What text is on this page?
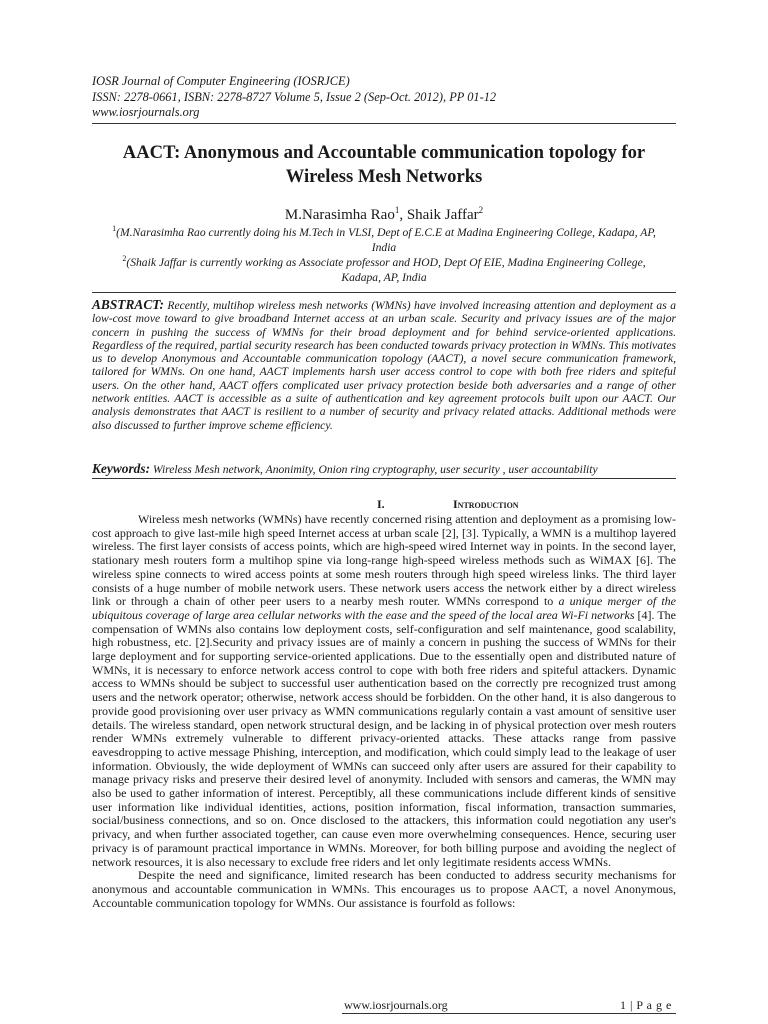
IOSR Journal of Computer Engineering (IOSRJCE)
ISSN: 2278-0661, ISBN: 2278-8727 Volume 5, Issue 2 (Sep-Oct. 2012), PP 01-12
www.iosrjournals.org
AACT: Anonymous and Accountable communication topology for Wireless Mesh Networks
M.Narasimha Rao$^1$, Shaik Jaffar$^2$
$^1$(M.Narasimha Rao currently doing his M.Tech in VLSI, Dept of E.C.E at Madina Engineering College, Kadapa, AP, India
$^2$(Shaik Jaffar is currently working as Associate professor and HOD, Dept Of EIE, Madina Engineering College, Kadapa, AP, India
ABSTRACT: Recently, multihop wireless mesh networks (WMNs) have involved increasing attention and deployment as a low-cost move toward to give broadband Internet access at an urban scale. Security and privacy issues are of the major concern in pushing the success of WMNs for their broad deployment and for behind service-oriented applications. Regardless of the required, partial security research has been conducted towards privacy protection in WMNs. This motivates us to develop Anonymous and Accountable communication topology (AACT), a novel secure communication framework, tailored for WMNs. On one hand, AACT implements harsh user access control to cope with both free riders and spiteful users. On the other hand, AACT offers complicated user privacy protection beside both adversaries and a range of other network entities. AACT is accessible as a suite of authentication and key agreement protocols built upon our AACT. Our analysis demonstrates that AACT is resilient to a number of security and privacy related attacks. Additional methods were also discussed to further improve scheme efficiency.
Keywords: Wireless Mesh network, Anonimity, Onion ring cryptography, user security , user accountability
I.	Introduction

Wireless mesh networks (WMNs) have recently concerned rising attention and deployment as a promising low-cost approach to give last-mile high speed Internet access at urban scale [2], [3]. Typically, a WMN is a multihop layered wireless. The first layer consists of access points, which are high-speed wired Internet way in points. In the second layer, stationary mesh routers form a multihop spine via long-range high-speed wireless methods such as WiMAX [6]. The wireless spine connects to wired access points at some mesh routers through high speed wireless links. The third layer consists of a huge number of mobile network users. These network users access the network either by a direct wireless link or through a chain of other peer users to a nearby mesh router. WMNs correspond to a unique merger of the ubiquitous coverage of large area cellular networks with the ease and the speed of the local area Wi-Fi networks [4]. The compensation of WMNs also contains low deployment costs, self-configuration and self maintenance, good scalability, high robustness, etc. [2].Security and privacy issues are of mainly a concern in pushing the success of WMNs for their large deployment and for supporting service-oriented applications. Due to the essentially open and distributed nature of WMNs, it is necessary to enforce network access control to cope with both free riders and spiteful attackers. Dynamic access to WMNs should be subject to successful user authentication based on the correctly pre recognized trust among users and the network operator; otherwise, network access should be forbidden. On the other hand, it is also dangerous to provide good provisioning over user privacy as WMN communications regularly contain a vast amount of sensitive user details. The wireless standard, open network structural design, and be lacking in of physical protection over mesh routers render WMNs extremely vulnerable to different privacy-oriented attacks. These attacks range from passive eavesdropping to active message Phishing, interception, and modification, which could simply lead to the leakage of user information. Obviously, the wide deployment of WMNs can succeed only after users are assured for their capability to manage privacy risks and preserve their desired level of anonymity. Included with sensors and cameras, the WMN may also be used to gather information of interest. Perceptibly, all these communications include different kinds of sensitive user information like individual identities, actions, position information, fiscal information, transaction summaries, social/business connections, and so on. Once disclosed to the attackers, this information could negotiation any user's privacy, and when further associated together, can cause even more overwhelming consequences. Hence, securing user privacy is of paramount practical importance in WMNs. Moreover, for both billing purpose and avoiding the neglect of network resources, it is also necessary to exclude free riders and let only legitimate residents access WMNs.

Despite the need and significance, limited research has been conducted to address security mechanisms for anonymous and accountable communication in WMNs. This encourages us to propose AACT, a novel Anonymous, Accountable communication topology for WMNs. Our assistance is fourfold as follows:

www.iosrjournals.org	1 | P a g e
